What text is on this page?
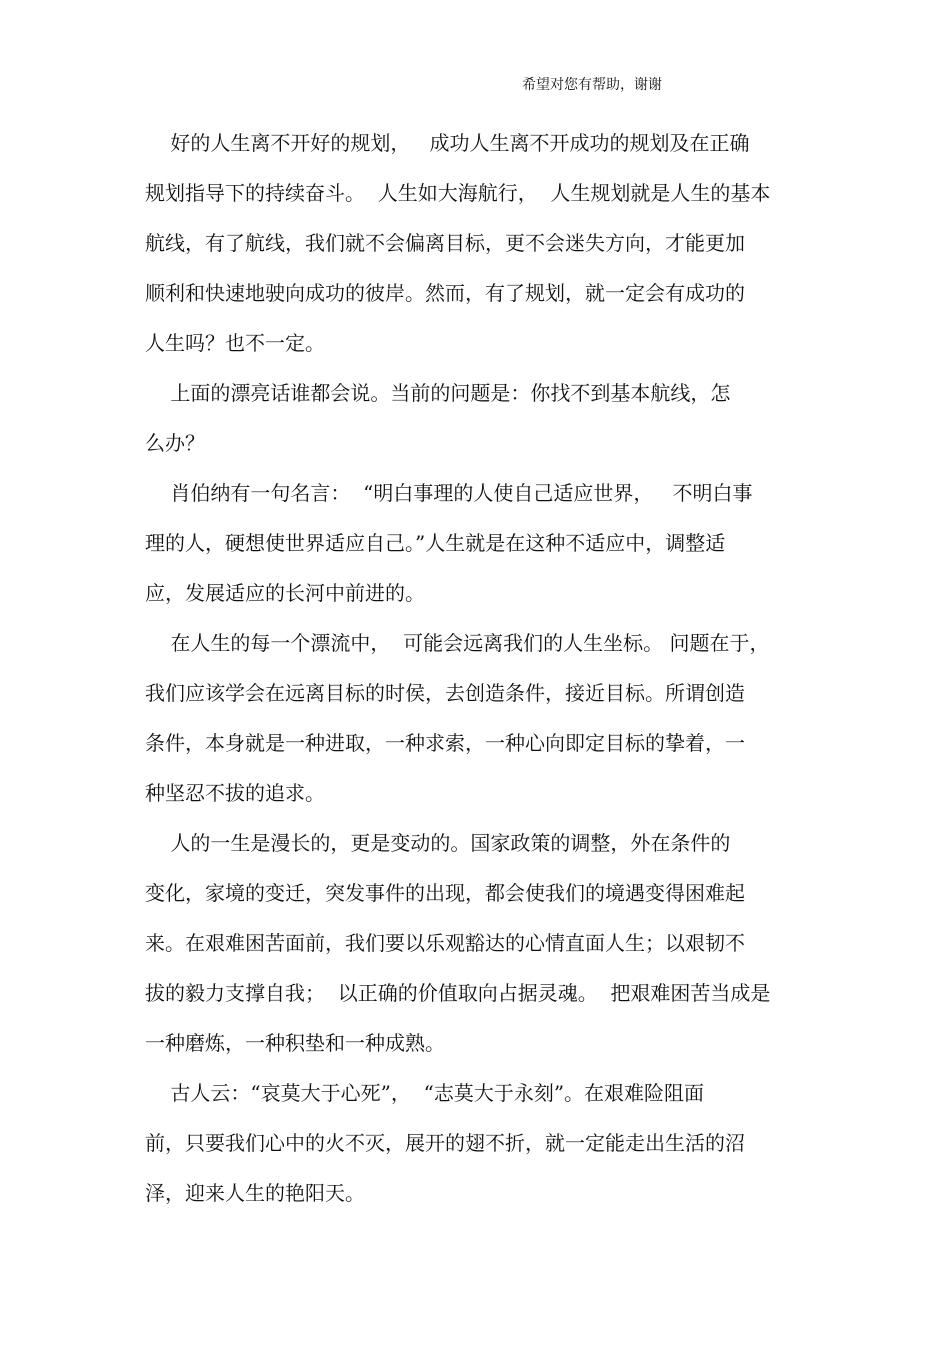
希望对您有帮助，谢谢
好的人生离不开好的规划，   成功人生离不开成功的规划及在正确
规划指导下的持续奋斗。  人生如大海航行，  人生规划就是人生的基本
航线，有了航线，我们就不会偏离目标，更不会迷失方向，才能更加
顺利和快速地驶向成功的彼岸。然而，有了规划，就一定会有成功的
人生吗？也不一定。
上面的漂亮话谁都会说。当前的问题是：你找不到基本航线，怎
么办？
肖伯纳有一句名言：  “明白事理的人使自己适应世界，   不明白事
理的人，硬想使世界适应自己。”人生就是在这种不适应中，调整适
应，发展适应的长河中前进的。
在人生的每一个漂流中，  可能会远离我们的人生坐标。 问题在于，
我们应该学会在远离目标的时侯，去创造条件，接近目标。所谓创造
条件，本身就是一种进取，一种求索，一种心向即定目标的挚着，一
种坚忍不拔的追求。
人的一生是漫长的，更是变动的。国家政策的调整，外在条件的
变化，家境的变迁，突发事件的出现，都会使我们的境遇变得困难起
来。在艰难困苦面前，我们要以乐观豁达的心情直面人生；以艰韧不
拔的毅力支撑自我；  以正确的价值取向占据灵魂。  把艰难困苦当成是
一种磨炼，一种积垫和一种成熟。
古人云：“哀莫大于心死”，  “志莫大于永刻”。在艰难险阻面
前，只要我们心中的火不灭，展开的翅不折，就一定能走出生活的沼
泽，迎来人生的艳阳天。
